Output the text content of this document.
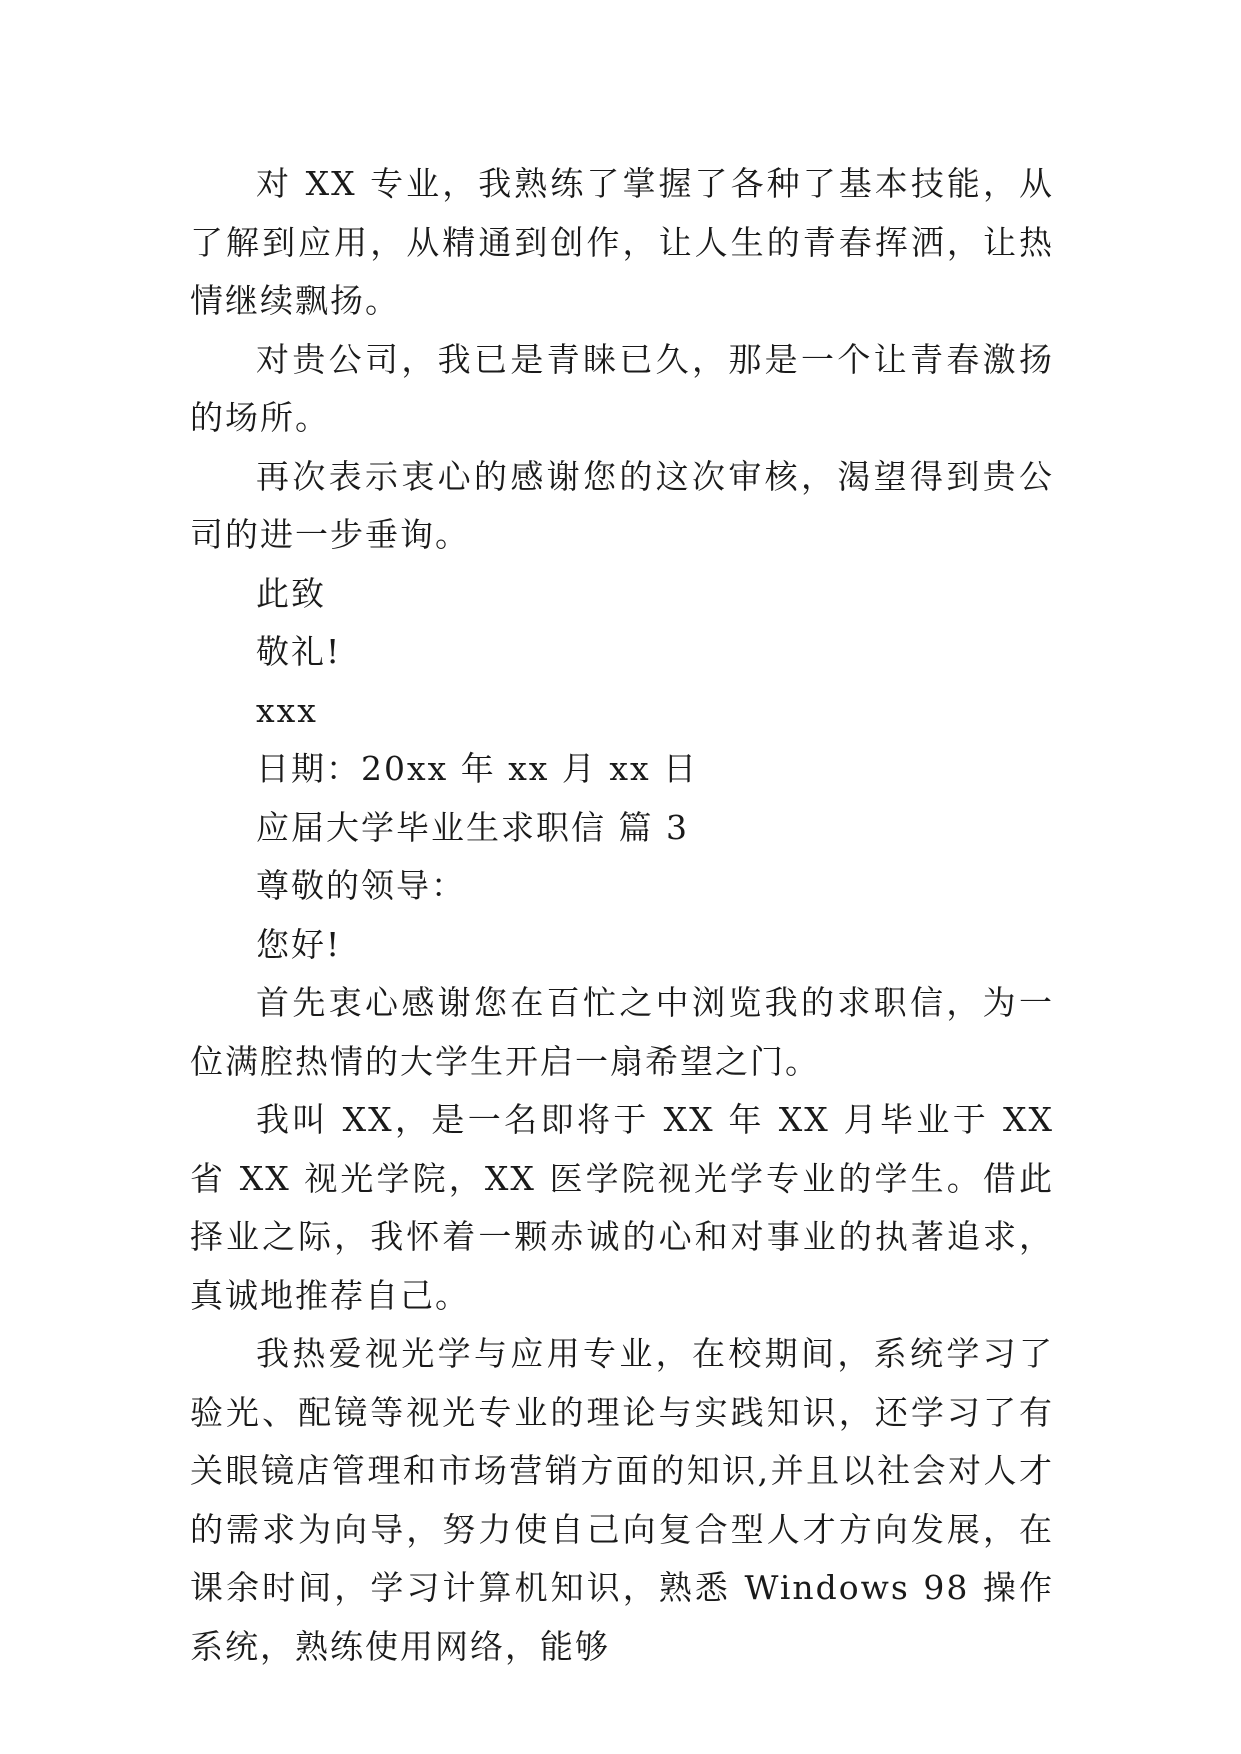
对 XX 专业，我熟练了掌握了各种了基本技能，从了解到应用，从精通到创作，让人生的青春挥洒，让热情继续飘扬。

对贵公司，我已是青睐已久，那是一个让青春激扬的场所。

再次表示衷心的感谢您的这次审核，渴望得到贵公司的进一步垂询。

此致

敬礼!

xxx

日期：20xx 年 xx 月 xx 日

应届大学毕业生求职信 篇 3

尊敬的领导：

您好!

首先衷心感谢您在百忙之中浏览我的求职信，为一位满腔热情的大学生开启一扇希望之门。

我叫 XX，是一名即将于 XX 年 XX 月毕业于 XX 省 XX 视光学院，XX 医学院视光学专业的学生。借此择业之际，我怀着一颗赤诚的心和对事业的执著追求，真诚地推荐自己。

我热爱视光学与应用专业，在校期间，系统学习了验光、配镜等视光专业的理论与实践知识，还学习了有关眼镜店管理和市场营销方面的知识,并且以社会对人才的需求为向导，努力使自己向复合型人才方向发展，在课余时间，学习计算机知识，熟悉 Windows 98 操作系统，熟练使用网络，能够
